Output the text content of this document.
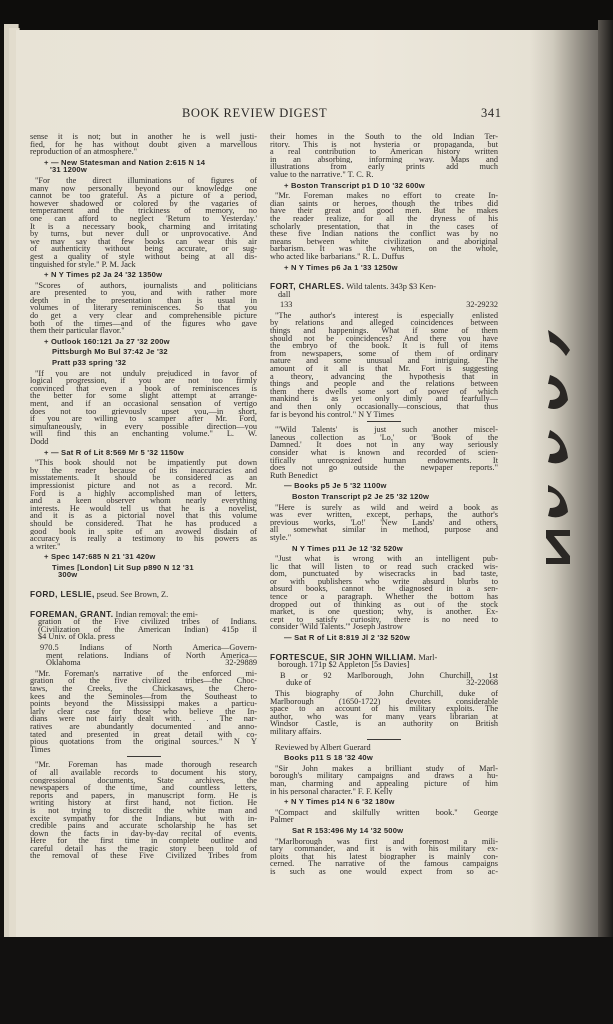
BOOK REVIEW DIGEST	341
sense it is not; but in another he is well justi-
fied, for he has without doubt given a marvellous
reproduction of an atmosphere."
+ — New Statesman and Nation 2:615 N 14
'31 1200w
"For the direct illuminations of figures of
many now personally beyond our knowledge one
cannot be too grateful. As a picture of a period,
however shadowed or colored by the vagaries of
temperament and the trickiness of memory, no
one can afford to neglect 'Return to Yesterday.'
It is a necessary book, charming and irritating
by turns, but never dull or unprovocative. And
we may say that few books can wear this air
of authenticity without being accurate, or sug-
gest a quality of style without being at all dis-
tinguished for style." P. M. Jack
+ N Y Times p2 Ja 24 '32 1350w
"Scores of authors, journalists and politicians
are presented to you, and with rather more
depth in the presentation than is usual in
volumes of literary reminiscences. So that you
do get a very clear and comprehensible picture
both of the times—and of the figures who gave
them their particular flavor."
+ Outlook 160:121 Ja 27 '32 200w
Pittsburgh Mo Bul 37:42 Je '32
Pratt p33 spring '32
"If you are not unduly prejudiced in favor of
logical progression, if you are not too firmly
convinced that even a book of reminiscences is
the better for some slight attempt at arrange-
ment, and if an occasional sensation of vertigo
does not too grievously upset you,—in short,
if you are willing to scamper after Mr. Ford,
simultaneously, in every possible direction—you
will find this an enchanting volume." L. W.
Dodd
+ — Sat R of Lit 8:569 Mr 5 '32 1150w
"This book should not be impatiently put down
by the reader because of its inaccuracies and
misstatements. It should be considered as an
impressionist picture and not as a record. Mr.
Ford is a highly accomplished man of letters,
and a keen observer whom nearly everything
interests. He would tell us that he is a novelist,
and it is as a pictorial novel that this volume
should be considered. That he has produced a
good book in spite of an avowed disdain of
accuracy is really a testimony to his powers as
a writer."
+ Spec 147:685 N 21 '31 420w
Times [London] Lit Sup p890 N 12 '31
300w
FORD, LESLIE, pseud. See Brown, Z.
FOREMAN, GRANT. Indian removal: the emi-
gration of the Five civilized tribes of Indians.
(Civilization of the American Indian) 415p il
$4 Univ. of Okla. press
970.5 Indians of North America—Govern-
ment relations. Indians of North America—
32-29889
Oklahoma
"Mr. Foreman's narrative of the enforced mi-
gration of the five civilized tribes—the Choc-
taws, the Creeks, the Chickasaws, the Chero-
kees and the Seminoles—from the Southeast to
points beyond the Mississippi makes a particu-
larly clear case for those who believe the In-
dians were not fairly dealt with. . . The nar-
ratives are abundantly documented and anno-
tated and presented in great detail with co-
pious quotations from the original sources." N Y
Times
"Mr. Foreman has made thorough research
of all available records to document his story,
congressional documents, State archives, the
newspapers of the time, and countless letters,
reports and papers, in manuscript form. He is
writing history at first hand, not fiction. He
is not trying to discredit the white man and
excite sympathy for the Indians, but with in-
credible pains and accurate scholarship he has set
down the facts in day-by-day recital of events.
Here for the first time in complete outline and
careful detail has the tragic story been told of
the removal of these Five Civilized Tribes from
their homes in the South to the old Indian Ter-
ritory. This is not hysteria or propaganda, but
a real contribution to American history written
in an absorbing, informing way. Maps and
illustrations from early prints add much
value to the narrative." T. C. R.
+ Boston Transcript p1 D 10 '32 600w
"Mr. Foreman makes no effort to create In-
dian saints or heroes, though the tribes did
have their great and good men. But he makes
the reader realize, for all the dryness of his
scholarly presentation, that in the cases of
these five Indian nations the conflict was by no
means between white civilization and aboriginal
barbarism. It was the whites, on the whole,
who acted like barbarians." R. L. Duffus
+ N Y Times p6 Ja 1 '33 1250w
FORT, CHARLES. Wild talents. 343p $3 Ken-
dall
32-29232
133
"The author's interest is especially enlisted
by relations and alleged coincidences between
things and happenings. What if some of them
should not be coincidences? And there you have
the embryo of the book. It is full of items
from newspapers, some of them of ordinary
nature and some unusual and intriguing. The
amount of it all is that Mr. Fort is suggesting
a theory, advancing the hypothesis that in
things and people and the relations between
them there dwells some sort of power of which
mankind is as yet only dimly and fearfully—
and then only occasionally—conscious, that thus
far is beyond his control." N Y Times
"'Wild Talents' is just such another miscel-
laneous collection as 'Lo,' or 'Book of the
Damned.' It does not in any way seriously
consider what is known and recorded of scien-
tifically unrecognized human endowments. It
does not go outside the newpaper reports."
Ruth Benedict
— Books p5 Je 5 '32 1100w
Boston Transcript p2 Je 25 '32 120w
"Here is surely as wild and weird a book as
was ever written, except, perhaps, the author's
previous works, 'Lo!' 'New Lands' and others,
all somewhat similar in method, purpose and
style."
N Y Times p11 Je 12 '32 520w
"Just what is wrong with an intelligent pub-
lic that will listen to or read such cracked wis-
dom, punctuated by wisecracks in bad taste,
or with publishers who write absurd blurbs to
absurd books, cannot be diagnosed in a sen-
tence or a paragraph. Whether the bottom has
dropped out of thinking as out of the stock
market, is one question; why, is another. Ex-
cept to satisfy curiosity, there is no need to
consider 'Wild Talents.'" Joseph Jastrow
— Sat R of Lit 8:819 Jl 2 '32 520w
FORTESCUE, SIR JOHN WILLIAM. Marl-
borough. 171p $2 Appleton [5s Davies]
B or 92 Marlborough, John Churchill, 1st
32-22068
duke of
This biography of John Churchill, duke of
Marlborough (1650-1722) devotes considerable
space to an account of his military exploits. The
author, who was for many years librarian at
Windsor Castle, is an authority on British
military affairs.
Reviewed by Albert Guerard
Books p11 S 18 '32 40w
"Sir John makes a brilliant study of Marl-
borough's military campaigns and draws a hu-
man, charming and appealing picture of him
in his personal character." F. F. Kelly
+ N Y Times p14 N 6 '32 180w
"Compact and skilfully written book." George
Palmer
Sat R 153:496 My 14 '32 500w
"Marlborough was first and foremost a mili-
tary commander, and it is with his military ex-
ploits that his latest biographer is mainly con-
cerned. The narrative of the famous campaigns
is such as one would expect from so ac-
